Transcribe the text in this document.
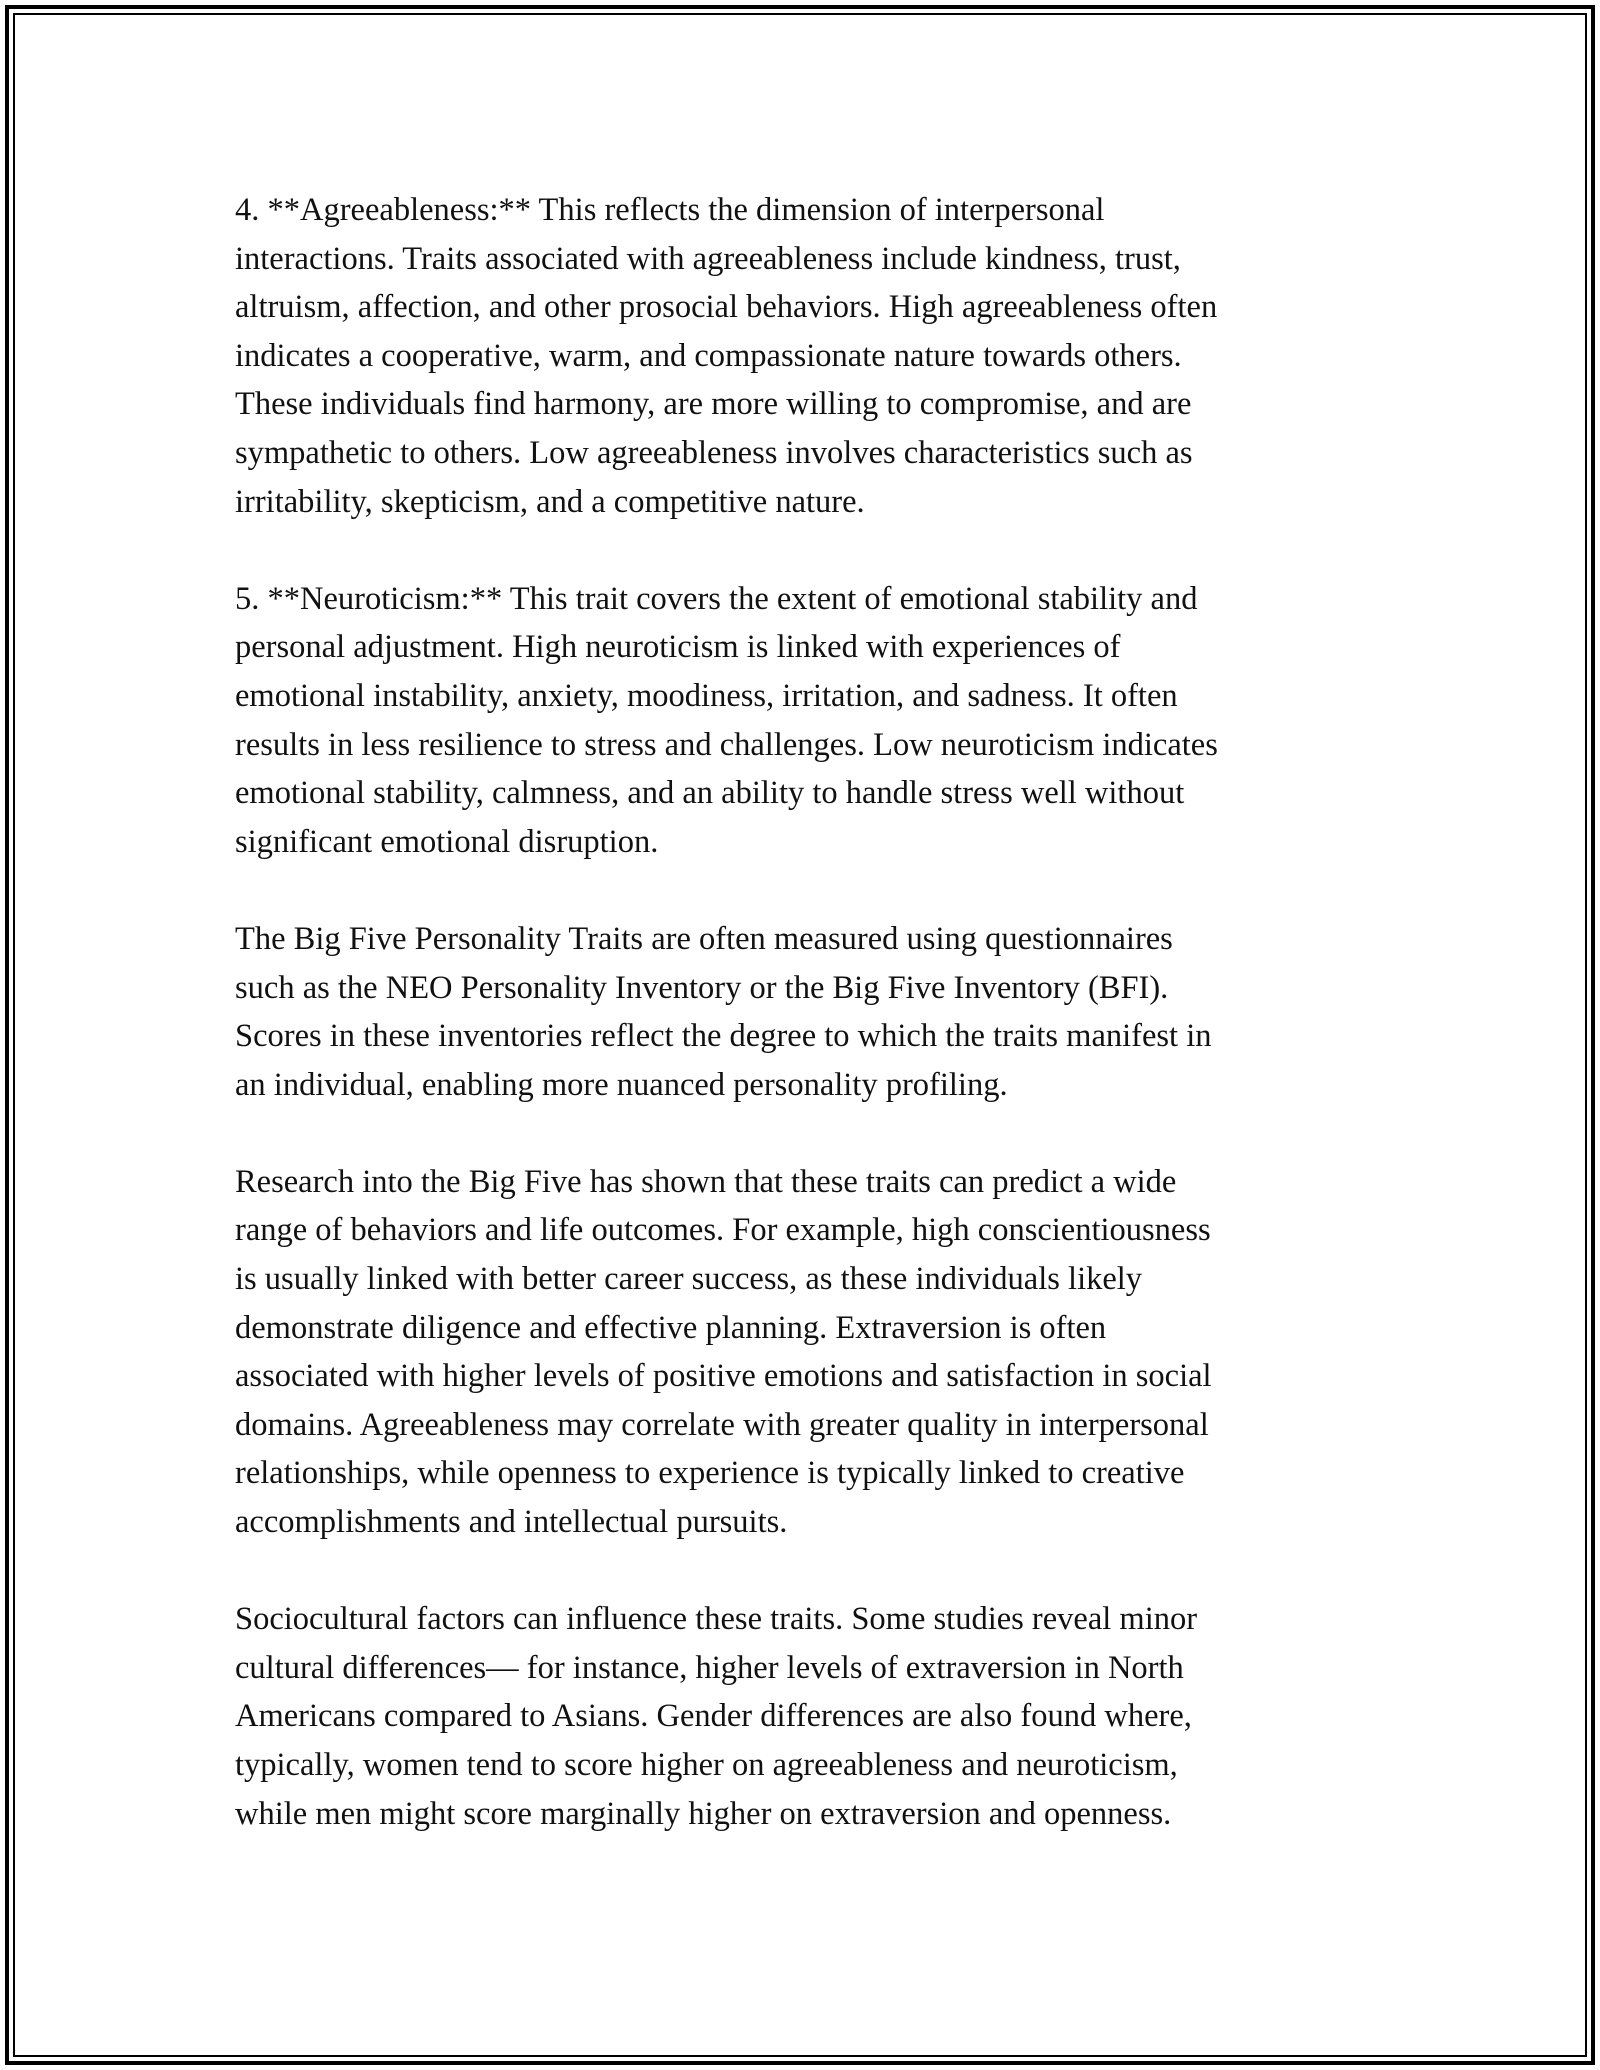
4. **Agreeableness:** This reflects the dimension of interpersonal
interactions. Traits associated with agreeableness include kindness, trust,
altruism, affection, and other prosocial behaviors. High agreeableness often
indicates a cooperative, warm, and compassionate nature towards others.
These individuals find harmony, are more willing to compromise, and are
sympathetic to others. Low agreeableness involves characteristics such as
irritability, skepticism, and a competitive nature.

5. **Neuroticism:** This trait covers the extent of emotional stability and
personal adjustment. High neuroticism is linked with experiences of
emotional instability, anxiety, moodiness, irritation, and sadness. It often
results in less resilience to stress and challenges. Low neuroticism indicates
emotional stability, calmness, and an ability to handle stress well without
significant emotional disruption.

The Big Five Personality Traits are often measured using questionnaires
such as the NEO Personality Inventory or the Big Five Inventory (BFI).
Scores in these inventories reflect the degree to which the traits manifest in
an individual, enabling more nuanced personality profiling.

Research into the Big Five has shown that these traits can predict a wide
range of behaviors and life outcomes. For example, high conscientiousness
is usually linked with better career success, as these individuals likely
demonstrate diligence and effective planning. Extraversion is often
associated with higher levels of positive emotions and satisfaction in social
domains. Agreeableness may correlate with greater quality in interpersonal
relationships, while openness to experience is typically linked to creative
accomplishments and intellectual pursuits.

Sociocultural factors can influence these traits. Some studies reveal minor
cultural differences— for instance, higher levels of extraversion in North
Americans compared to Asians. Gender differences are also found where,
typically, women tend to score higher on agreeableness and neuroticism,
while men might score marginally higher on extraversion and openness.
